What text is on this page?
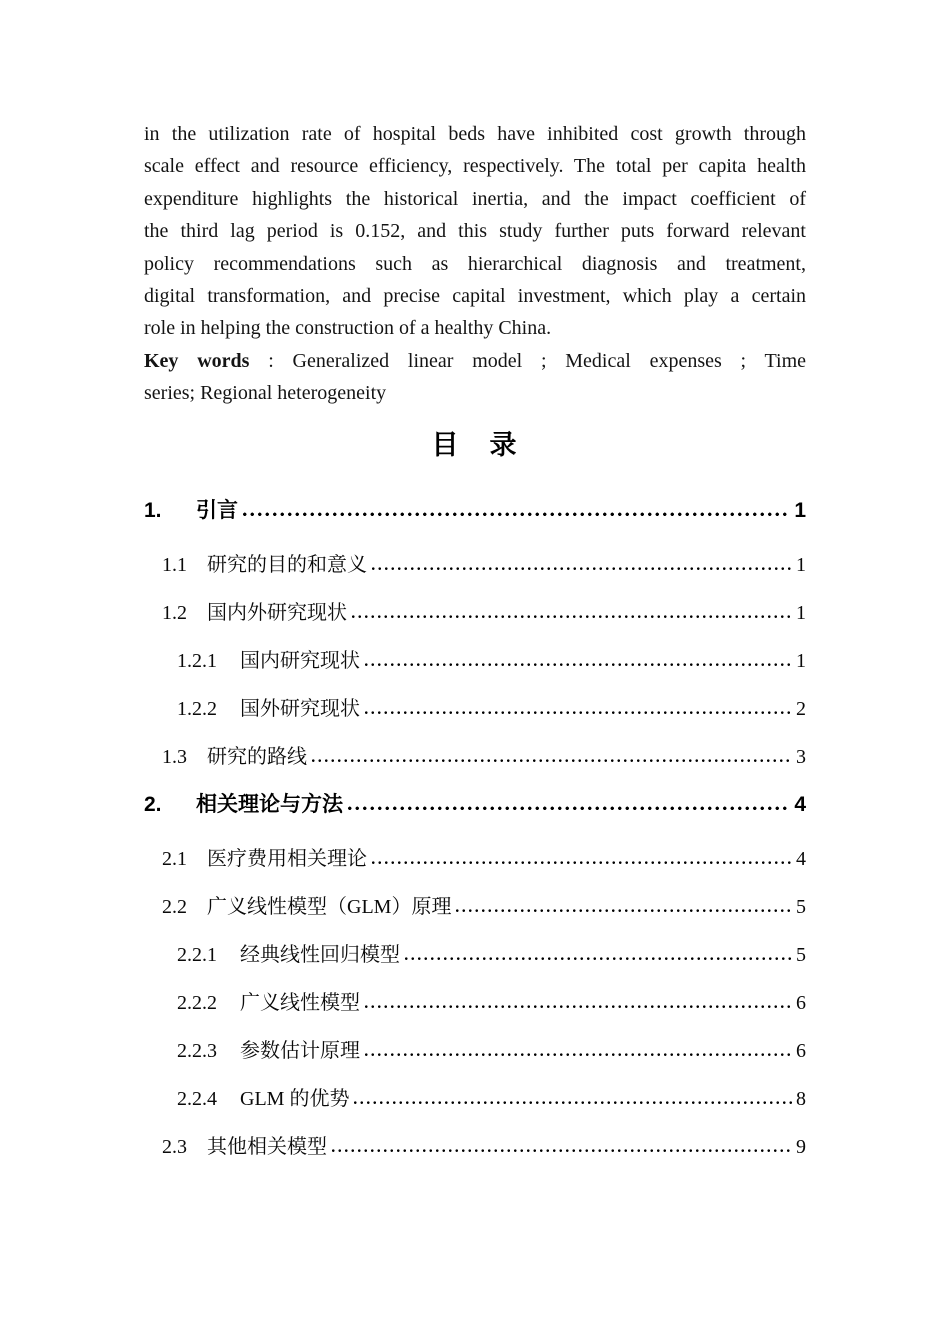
in the utilization rate of hospital beds have inhibited cost growth through
scale effect and resource efficiency, respectively. The total per capita health
expenditure highlights the historical inertia, and the impact coefficient of
the third lag period is 0.152, and this study further puts forward relevant
policy recommendations such as hierarchical diagnosis and treatment,
digital transformation, and precise capital investment, which play a certain
role in helping the construction of a healthy China.
Key words : Generalized linear model ; Medical expenses ; Time
series; Regional heterogeneity
目　录
1.	引言	1
1.1	研究的目的和意义	1
1.2	国内外研究现状	1
1.2.1	国内研究现状	1
1.2.2	国外研究现状	2
1.3	研究的路线	3
2.	相关理论与方法	4
2.1	医疗费用相关理论	4
2.2	广义线性模型（GLM）原理	5
2.2.1	经典线性回归模型	5
2.2.2	广义线性模型	6
2.2.3	参数估计原理	6
2.2.4	GLM 的优势	8
2.3	其他相关模型	9
